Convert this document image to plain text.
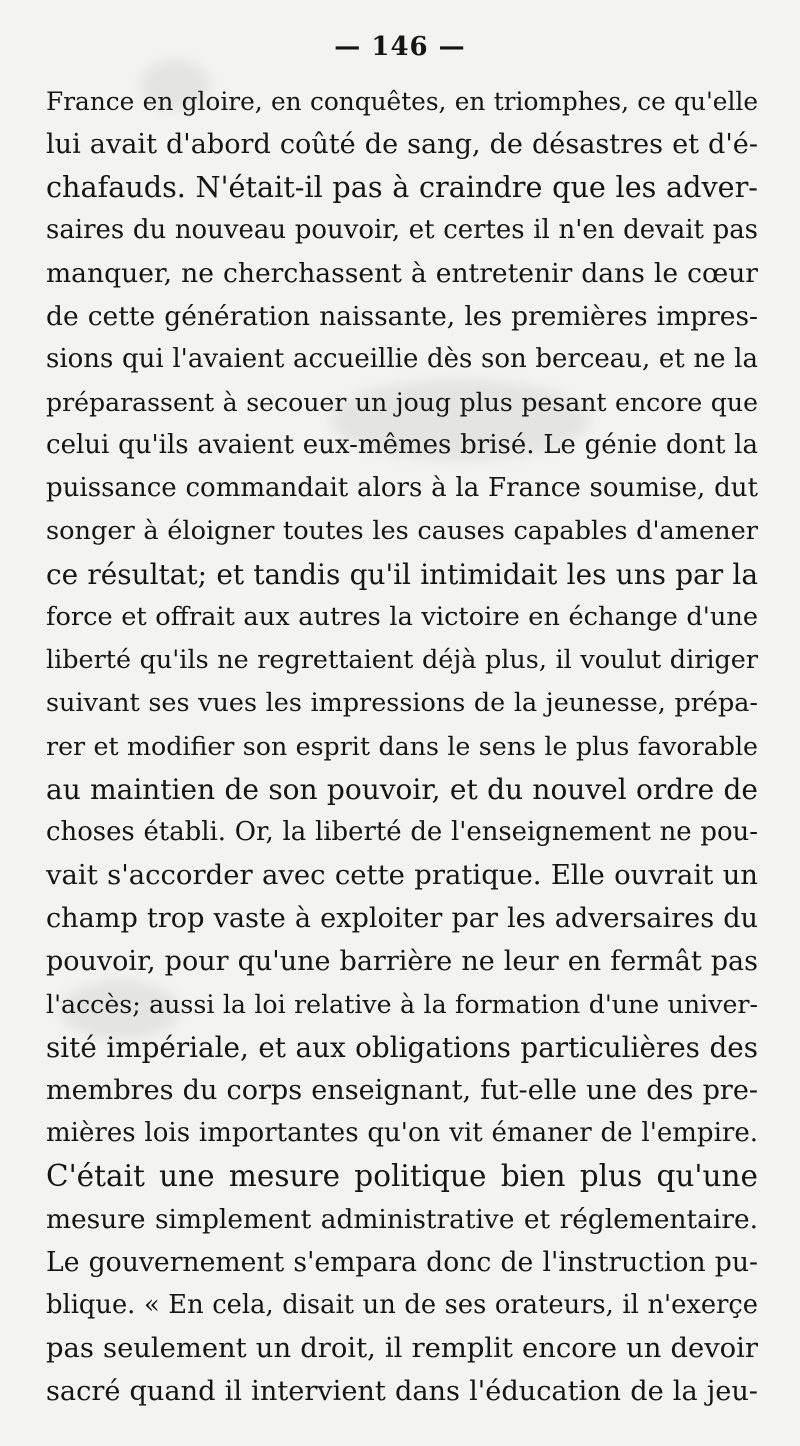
— 146 —
France en gloire, en conquêtes, en triomphes, ce qu'elle
lui avait d'abord coûté de sang, de désastres et d'é-
chafauds. N'était-il pas à craindre que les adver-
saires du nouveau pouvoir, et certes il n'en devait pas
manquer, ne cherchassent à entretenir dans le cœur
de cette génération naissante, les premières impres-
sions qui l'avaient accueillie dès son berceau, et ne la
préparassent à secouer un joug plus pesant encore que
celui qu'ils avaient eux-mêmes brisé. Le génie dont la
puissance commandait alors à la France soumise, dut
songer à éloigner toutes les causes capables d'amener
ce résultat; et tandis qu'il intimidait les uns par la
force et offrait aux autres la victoire en échange d'une
liberté qu'ils ne regrettaient déjà plus, il voulut diriger
suivant ses vues les impressions de la jeunesse, prépa-
rer et modifier son esprit dans le sens le plus favorable
au maintien de son pouvoir, et du nouvel ordre de
choses établi. Or, la liberté de l'enseignement ne pou-
vait s'accorder avec cette pratique. Elle ouvrait un
champ trop vaste à exploiter par les adversaires du
pouvoir, pour qu'une barrière ne leur en fermât pas
l'accès; aussi la loi relative à la formation d'une univer-
sité impériale, et aux obligations particulières des
membres du corps enseignant, fut-elle une des pre-
mières lois importantes qu'on vit émaner de l'empire.
C'était une mesure politique bien plus qu'une
mesure simplement administrative et réglementaire.
Le gouvernement s'empara donc de l'instruction pu-
blique. « En cela, disait un de ses orateurs, il n'exerçe
pas seulement un droit, il remplit encore un devoir
sacré quand il intervient dans l'éducation de la jeu-
